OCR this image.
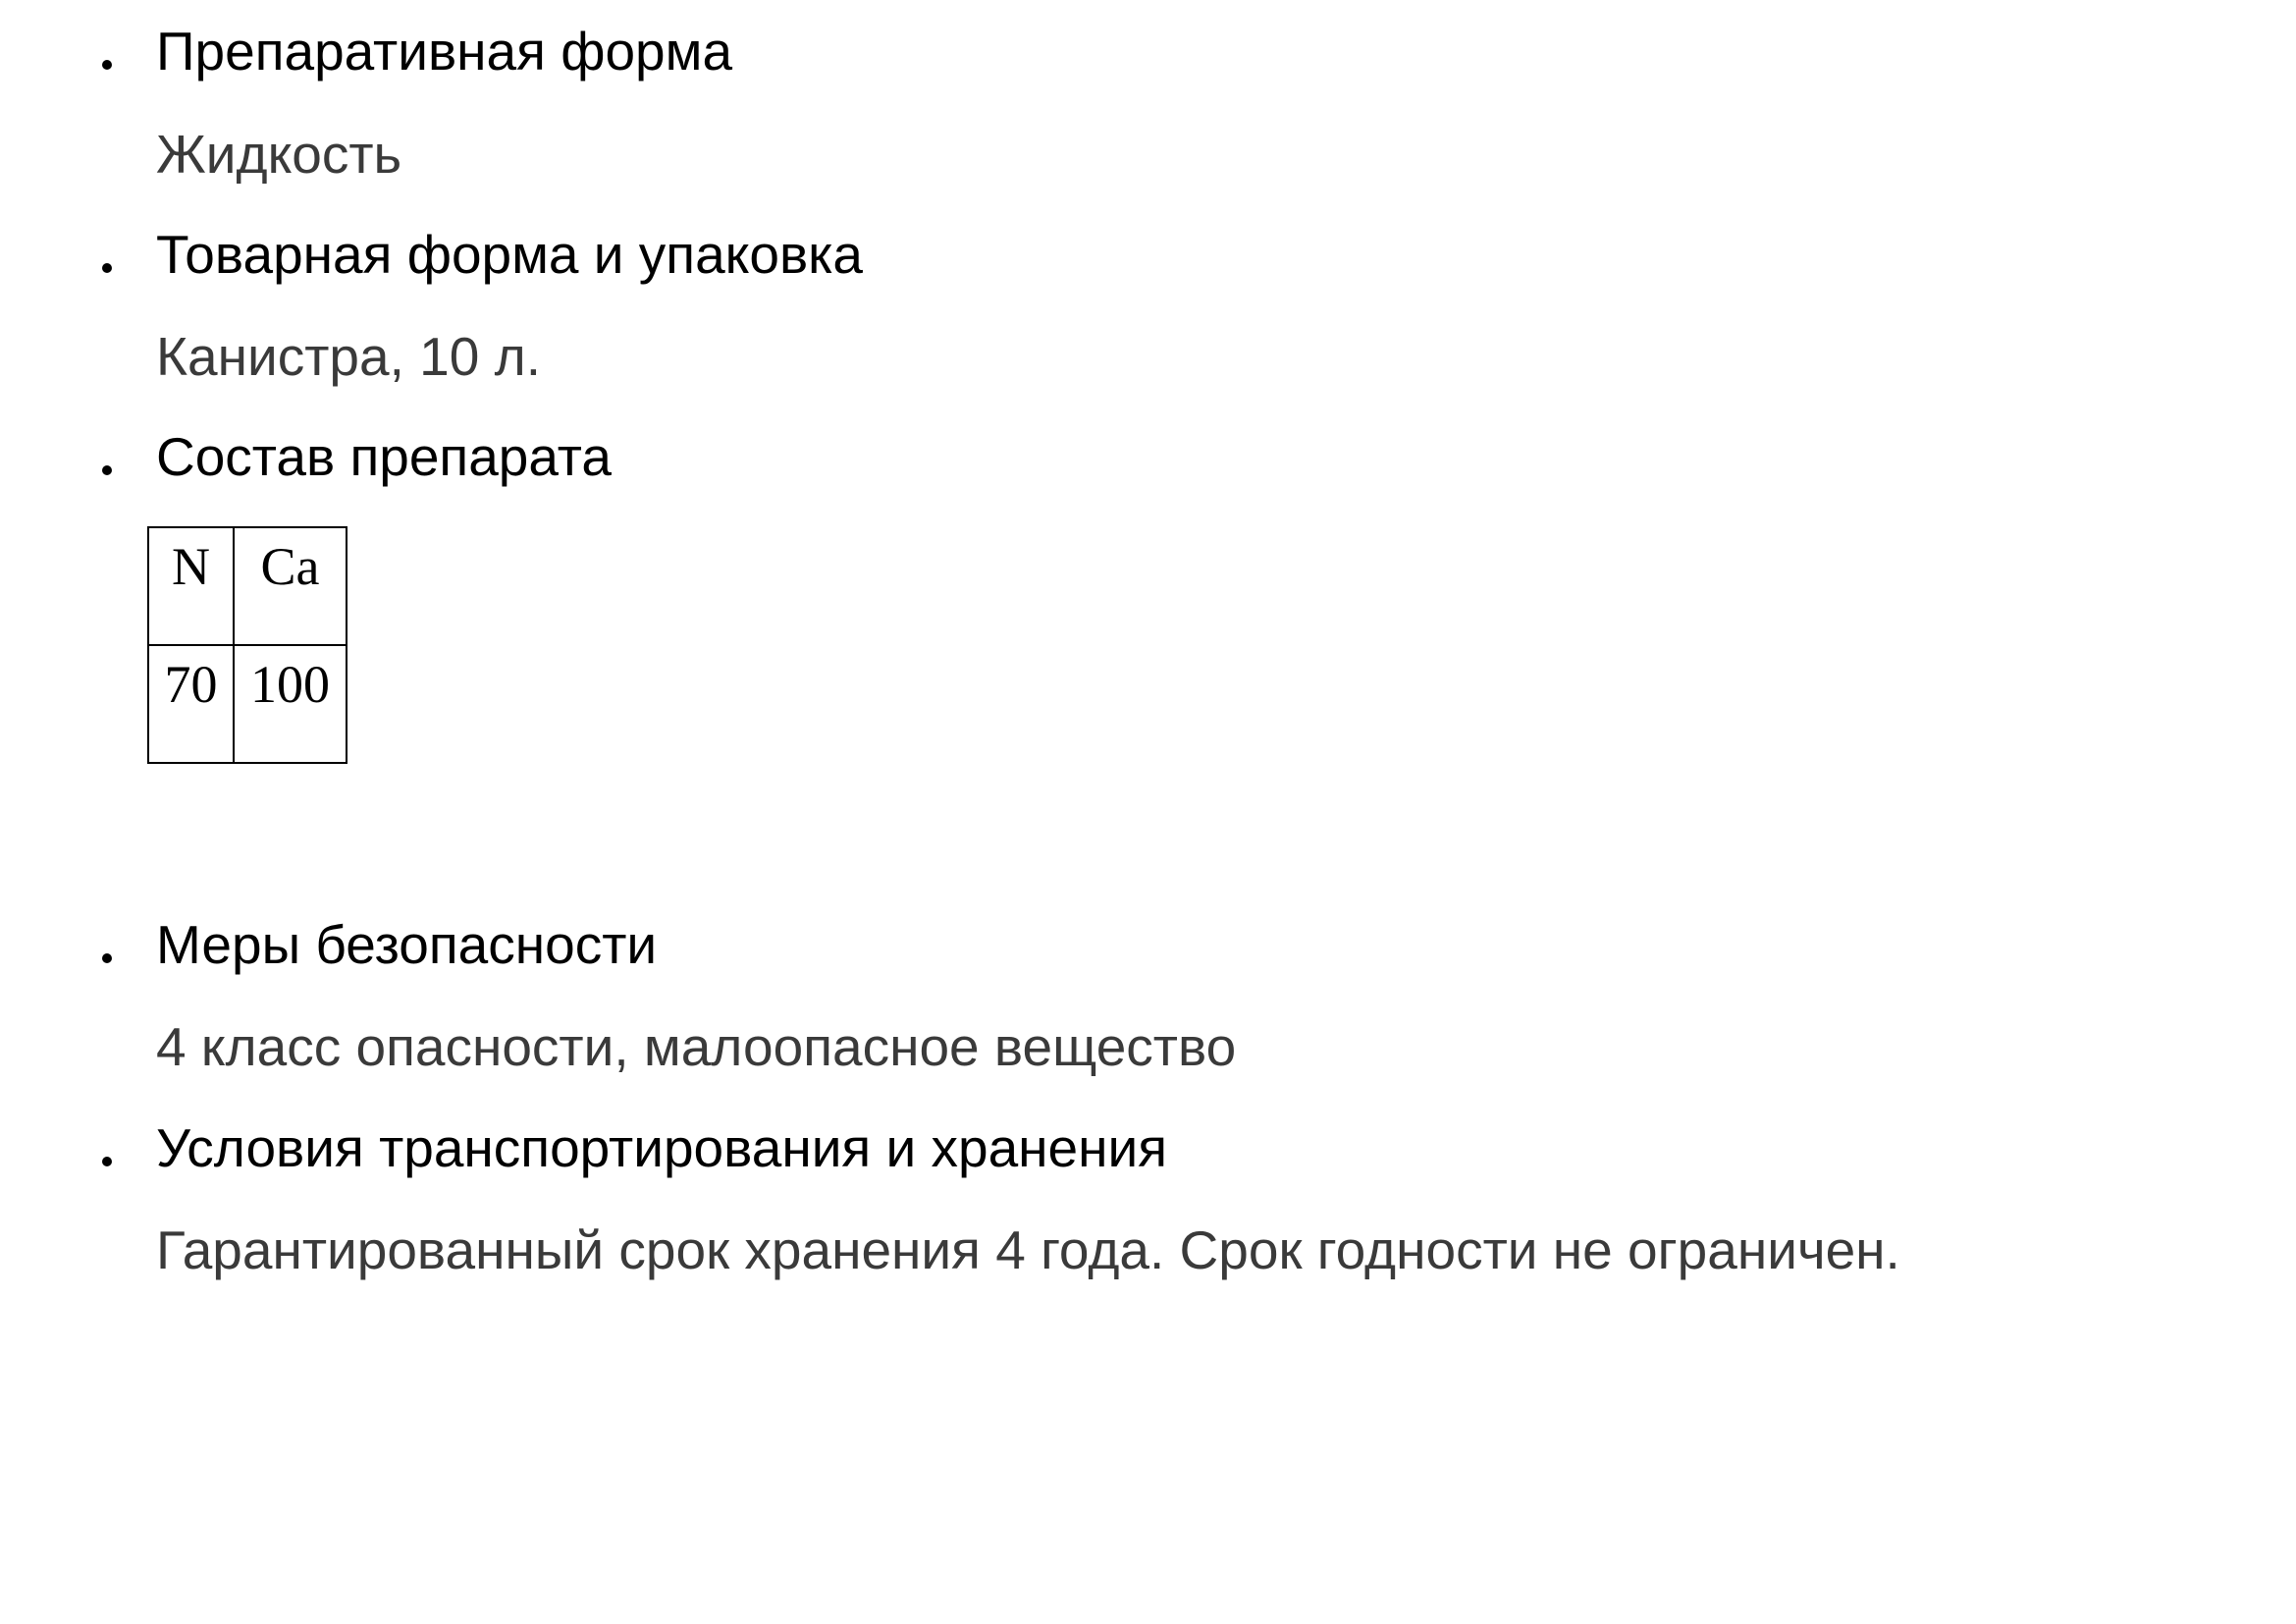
Препаративная форма
Жидкость
Товарная форма и упаковка
Канистра, 10 л.
Состав препарата
N	Ca
70	100
Меры безопасности
4 класс опасности, малоопасное вещество
Условия транспортирования и хранения
Гарантированный срок хранения 4 года. Срок годности не ограничен.
